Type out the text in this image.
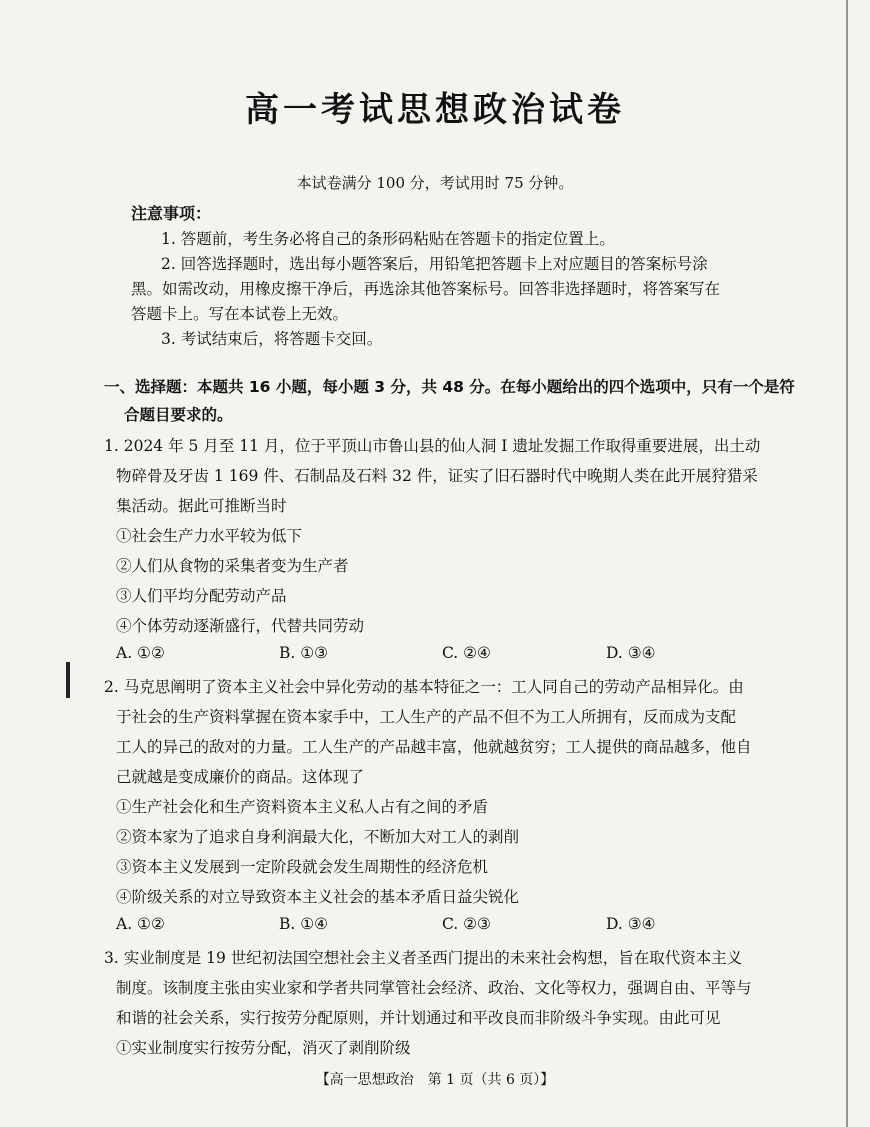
高一考试思想政治试卷
本试卷满分 100 分，考试用时 75 分钟。
注意事项：
1. 答题前，考生务必将自己的条形码粘贴在答题卡的指定位置上。
2. 回答选择题时，选出每小题答案后，用铅笔把答题卡上对应题目的答案标号涂
黑。如需改动，用橡皮擦干净后，再选涂其他答案标号。回答非选择题时，将答案写在
答题卡上。写在本试卷上无效。
3. 考试结束后，将答题卡交回。
一、选择题：本题共 16 小题，每小题 3 分，共 48 分。在每小题给出的四个选项中，只有一个是符
合题目要求的。
1. 2024 年 5 月至 11 月，位于平顶山市鲁山县的仙人洞 Ⅰ 遗址发掘工作取得重要进展，出土动
物碎骨及牙齿 1 169 件、石制品及石料 32 件，证实了旧石器时代中晚期人类在此开展狩猎采
集活动。据此可推断当时
①社会生产力水平较为低下
②人们从食物的采集者变为生产者
③人们平均分配劳动产品
④个体劳动逐渐盛行，代替共同劳动
A. ①②	B. ①③	C. ②④	D. ③④
2. 马克思阐明了资本主义社会中异化劳动的基本特征之一：工人同自己的劳动产品相异化。由
于社会的生产资料掌握在资本家手中，工人生产的产品不但不为工人所拥有，反而成为支配
工人的异己的敌对的力量。工人生产的产品越丰富，他就越贫穷；工人提供的商品越多，他自
己就越是变成廉价的商品。这体现了
①生产社会化和生产资料资本主义私人占有之间的矛盾
②资本家为了追求自身利润最大化，不断加大对工人的剥削
③资本主义发展到一定阶段就会发生周期性的经济危机
④阶级关系的对立导致资本主义社会的基本矛盾日益尖锐化
A. ①②	B. ①④	C. ②③	D. ③④
3. 实业制度是 19 世纪初法国空想社会主义者圣西门提出的未来社会构想，旨在取代资本主义
制度。该制度主张由实业家和学者共同掌管社会经济、政治、文化等权力，强调自由、平等与
和谐的社会关系，实行按劳分配原则，并计划通过和平改良而非阶级斗争实现。由此可见
①实业制度实行按劳分配，消灭了剥削阶级
【高一思想政治　第 1 页（共 6 页）】
